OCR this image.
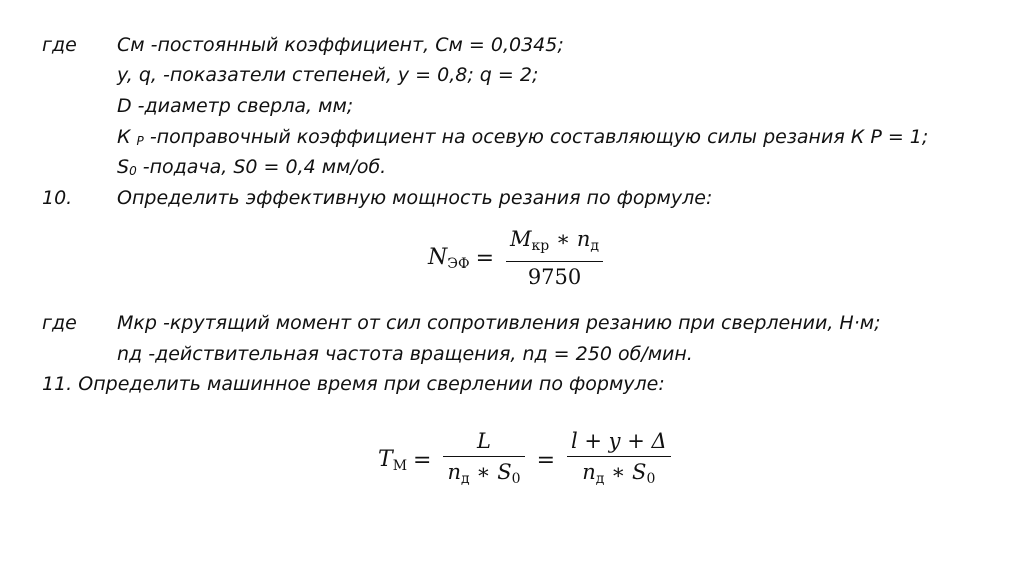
где См -постоянный коэффициент, См = 0,0345;
y, q, -показатели степеней, y = 0,8; q = 2;
D -диаметр сверла, мм;
К Р -поправочный коэффициент на осевую составляющую силы резания К Р = 1;
S0 -подача, S0 = 0,4 мм/об.
10. Определить эффективную мощность резания по формуле:
NЭФ = $\frac{\text{Mкр ∗ nд}}{9750}$
где Мкр -крутящий момент от сил сопротивления резанию при сверлении, Н·м;
nд -действительная частота вращения, nд = 250 об/мин.
11. Определить машинное время при сверлении по формуле:
TМ = $\frac{L}{nд ∗ S0} = \frac{l + y + \Delta}{nд ∗ S0}$
